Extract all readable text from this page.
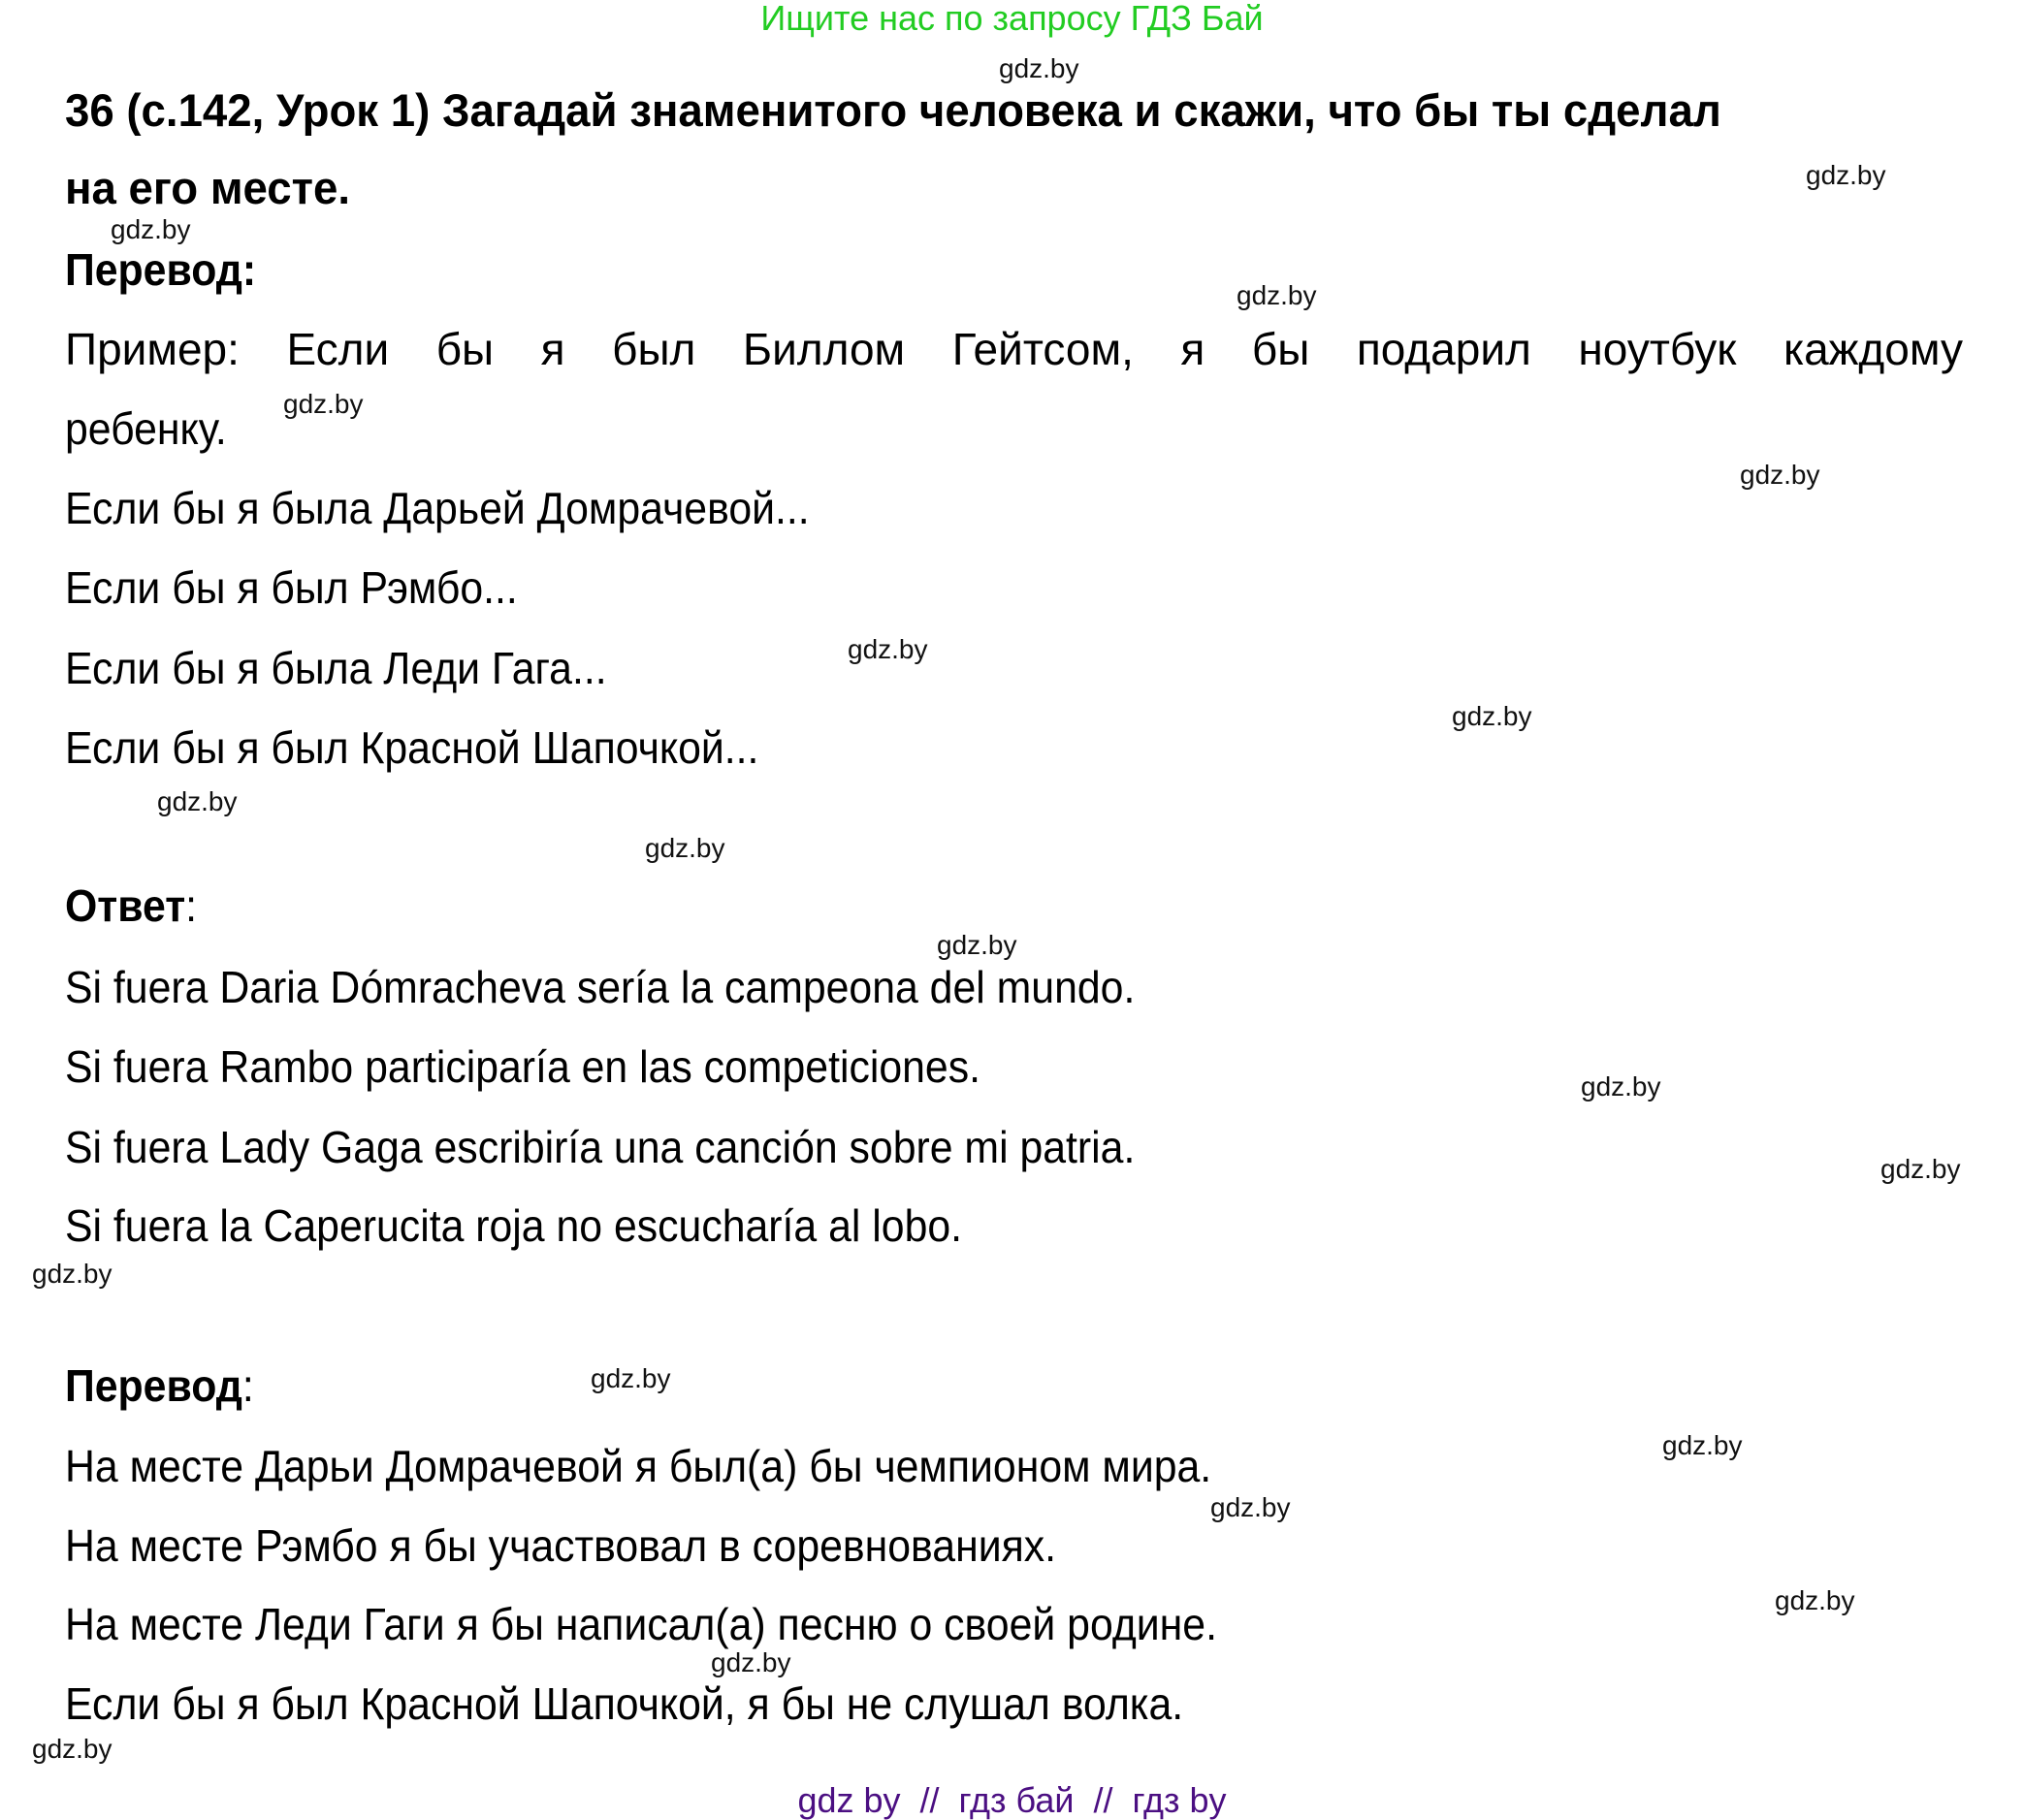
Ищите нас по запросу ГДЗ Бай
36 (с.142, Урок 1) Загадай знаменитого человека и скажи, что бы ты сделал
на его месте.
Перевод:
Пример: Если бы я был Биллом Гейтсом, я бы подарил ноутбук каждому
ребенку.
Если бы я была Дарьей Домрачевой...
Если бы я был Рэмбо...
Если бы я была Леди Гага...
Если бы я был Красной Шапочкой...
Ответ:
Si fuera Daria Dómracheva sería la campeona del mundo.
Si fuera Rambo participaría en las competiciones.
Si fuera Lady Gaga escribiría una canción sobre mi patria.
Si fuera la Caperucita roja no escucharía al lobo.
Перевод:
На месте Дарьи Домрачевой я был(а) бы чемпионом мира.
На месте Рэмбо я бы участвовал в соревнованиях.
На месте Леди Гаги я бы написал(а) песню о своей родине.
Если бы я был Красной Шапочкой, я бы не слушал волка.
gdz.by
gdz.by
gdz.by
gdz.by
gdz.by
gdz.by
gdz.by
gdz.by
gdz.by
gdz.by
gdz.by
gdz.by
gdz.by
gdz.by
gdz.by
gdz.by
gdz.by
gdz.by
gdz.by
gdz.by
gdz by  //  гдз бай  //  гдз by
